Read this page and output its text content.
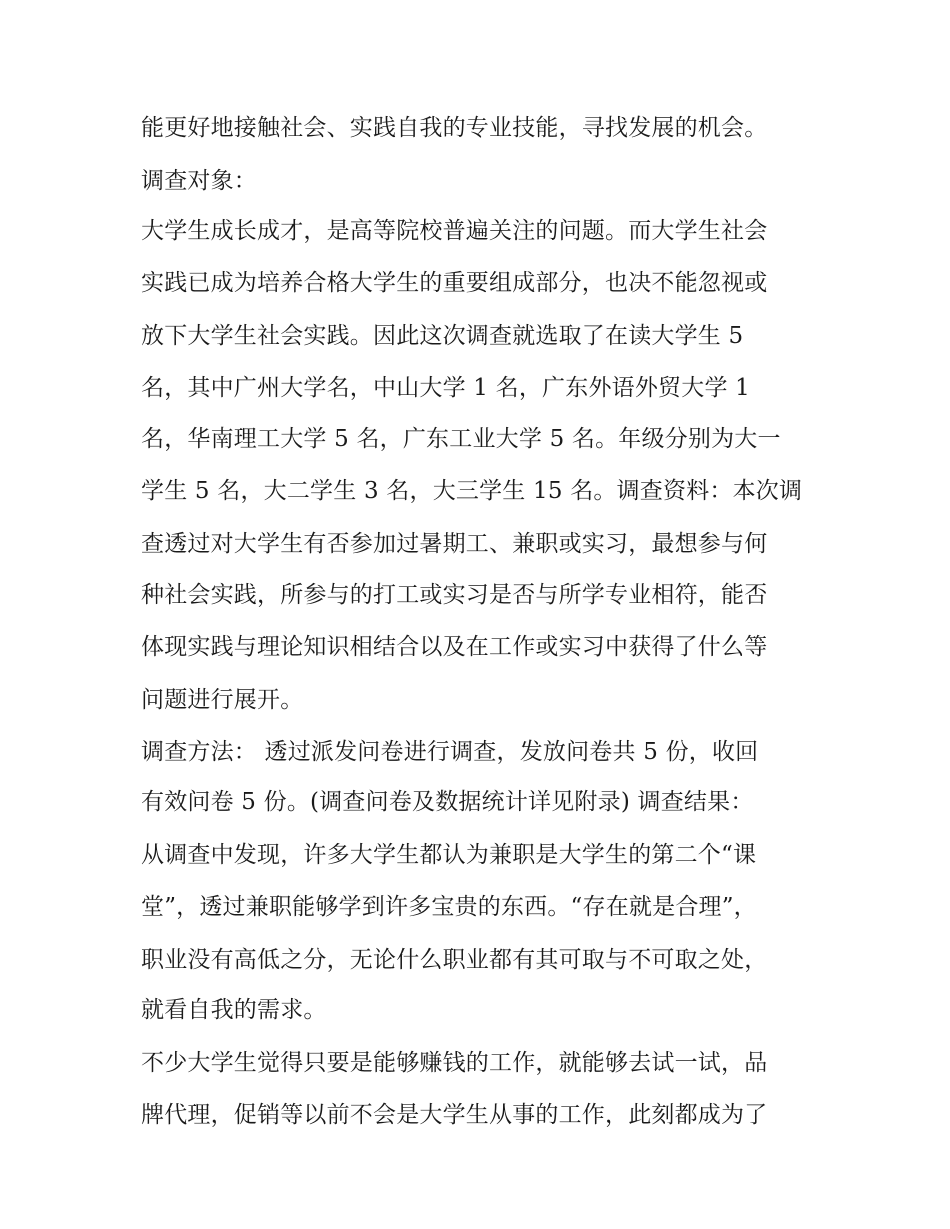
能更好地接触社会、实践自我的专业技能，寻找发展的机会。
调查对象：
大学生成长成才，是高等院校普遍关注的问题。而大学生社会
实践已成为培养合格大学生的重要组成部分，也决不能忽视或
放下大学生社会实践。因此这次调查就选取了在读大学生 5
名，其中广州大学名，中山大学 1 名，广东外语外贸大学 1
名，华南理工大学 5 名，广东工业大学 5 名。年级分别为大一
学生 5 名，大二学生 3 名，大三学生 15 名。调查资料：本次调
查透过对大学生有否参加过暑期工、兼职或实习，最想参与何
种社会实践，所参与的打工或实习是否与所学专业相符，能否
体现实践与理论知识相结合以及在工作或实习中获得了什么等
问题进行展开。
调查方法： 透过派发问卷进行调查，发放问卷共 5 份，收回
有效问卷 5 份。(调查问卷及数据统计详见附录) 调查结果：
从调查中发现，许多大学生都认为兼职是大学生的第二个“课
堂”，透过兼职能够学到许多宝贵的东西。“存在就是合理”，
职业没有高低之分，无论什么职业都有其可取与不可取之处，
就看自我的需求。
不少大学生觉得只要是能够赚钱的工作，就能够去试一试，品
牌代理，促销等以前不会是大学生从事的工作，此刻都成为了
